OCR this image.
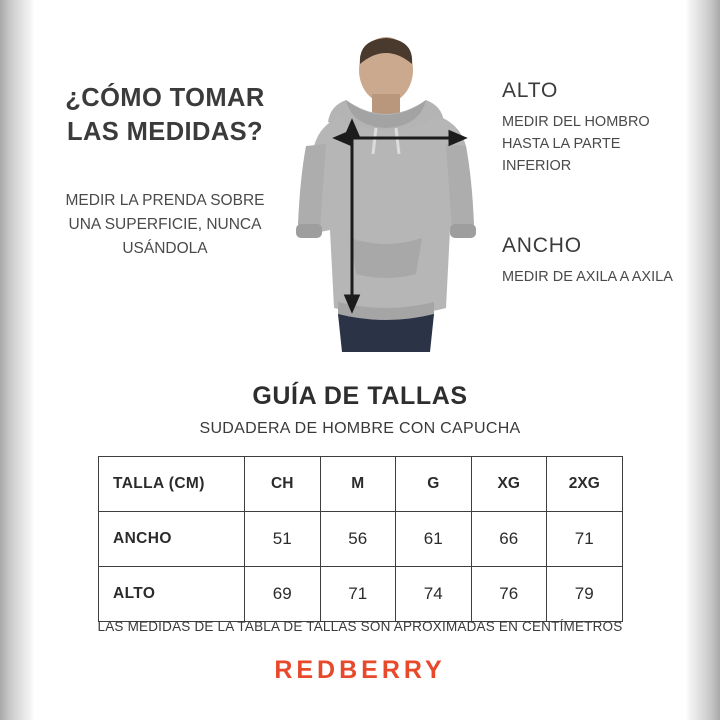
¿CÓMO TOMAR LAS MEDIDAS?
MEDIR LA PRENDA SOBRE UNA SUPERFICIE, NUNCA USÁNDOLA
ALTO
MEDIR DEL HOMBRO HASTA LA PARTE INFERIOR
ANCHO
MEDIR DE AXILA A AXILA
GUÍA DE TALLAS
SUDADERA DE HOMBRE CON CAPUCHA
TALLA (CM)	CH	M	G	XG	2XG
ANCHO	51	56	61	66	71
ALTO	69	71	74	76	79
LAS MEDIDAS DE LA TABLA DE TALLAS SON APROXIMADAS EN CENTÍMETROS
REDBERRY
